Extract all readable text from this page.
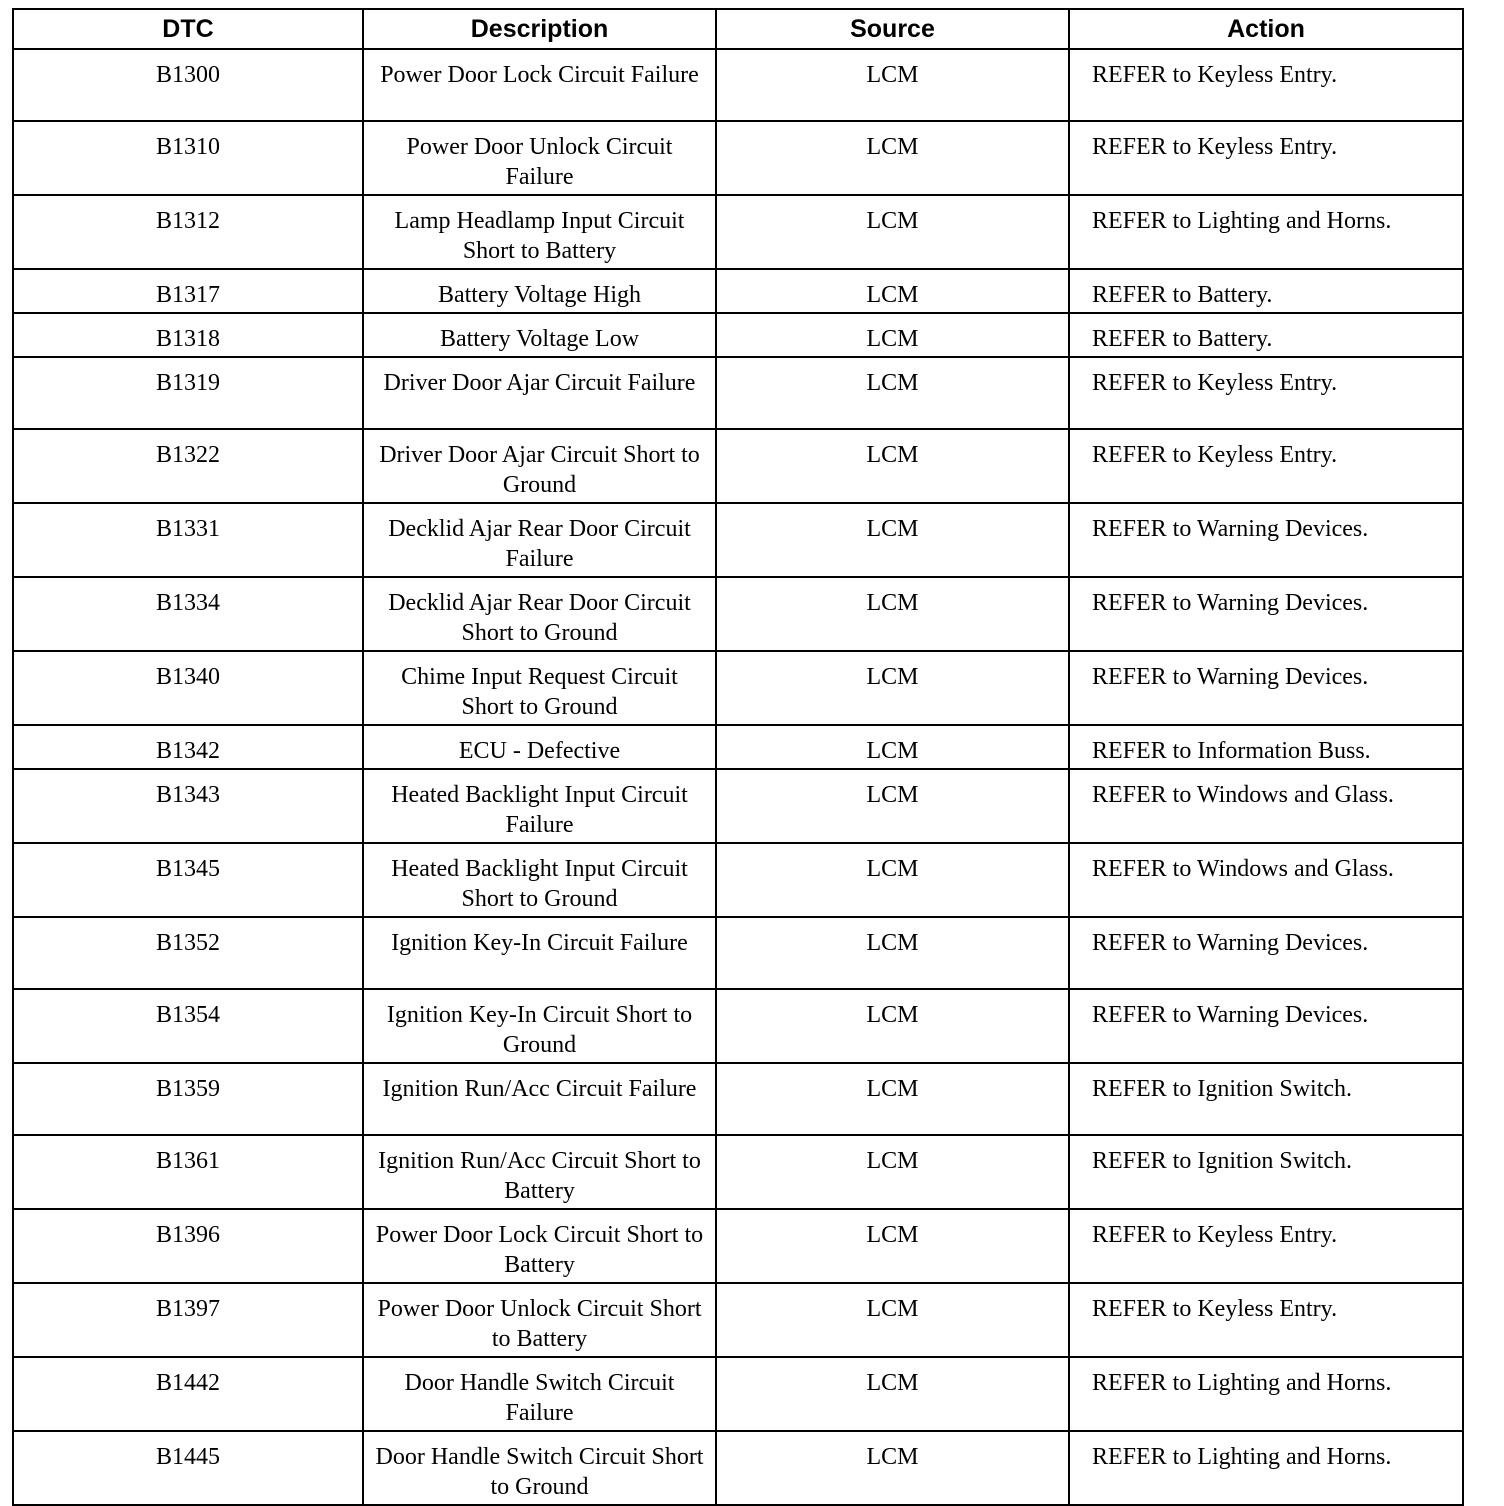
DTC	Description	Source	Action
B1300	Power Door Lock Circuit Failure	LCM	REFER to Keyless Entry.
B1310	Power Door Unlock Circuit Failure	LCM	REFER to Keyless Entry.
B1312	Lamp Headlamp Input Circuit Short to Battery	LCM	REFER to Lighting and Horns.
B1317	Battery Voltage High	LCM	REFER to Battery.
B1318	Battery Voltage Low	LCM	REFER to Battery.
B1319	Driver Door Ajar Circuit Failure	LCM	REFER to Keyless Entry.
B1322	Driver Door Ajar Circuit Short to Ground	LCM	REFER to Keyless Entry.
B1331	Decklid Ajar Rear Door Circuit Failure	LCM	REFER to Warning Devices.
B1334	Decklid Ajar Rear Door Circuit Short to Ground	LCM	REFER to Warning Devices.
B1340	Chime Input Request Circuit Short to Ground	LCM	REFER to Warning Devices.
B1342	ECU - Defective	LCM	REFER to Information Buss.
B1343	Heated Backlight Input Circuit Failure	LCM	REFER to Windows and Glass.
B1345	Heated Backlight Input Circuit Short to Ground	LCM	REFER to Windows and Glass.
B1352	Ignition Key-In Circuit Failure	LCM	REFER to Warning Devices.
B1354	Ignition Key-In Circuit Short to Ground	LCM	REFER to Warning Devices.
B1359	Ignition Run/Acc Circuit Failure	LCM	REFER to Ignition Switch.
B1361	Ignition Run/Acc Circuit Short to Battery	LCM	REFER to Ignition Switch.
B1396	Power Door Lock Circuit Short to Battery	LCM	REFER to Keyless Entry.
B1397	Power Door Unlock Circuit Short to Battery	LCM	REFER to Keyless Entry.
B1442	Door Handle Switch Circuit Failure	LCM	REFER to Lighting and Horns.
B1445	Door Handle Switch Circuit Short to Ground	LCM	REFER to Lighting and Horns.
